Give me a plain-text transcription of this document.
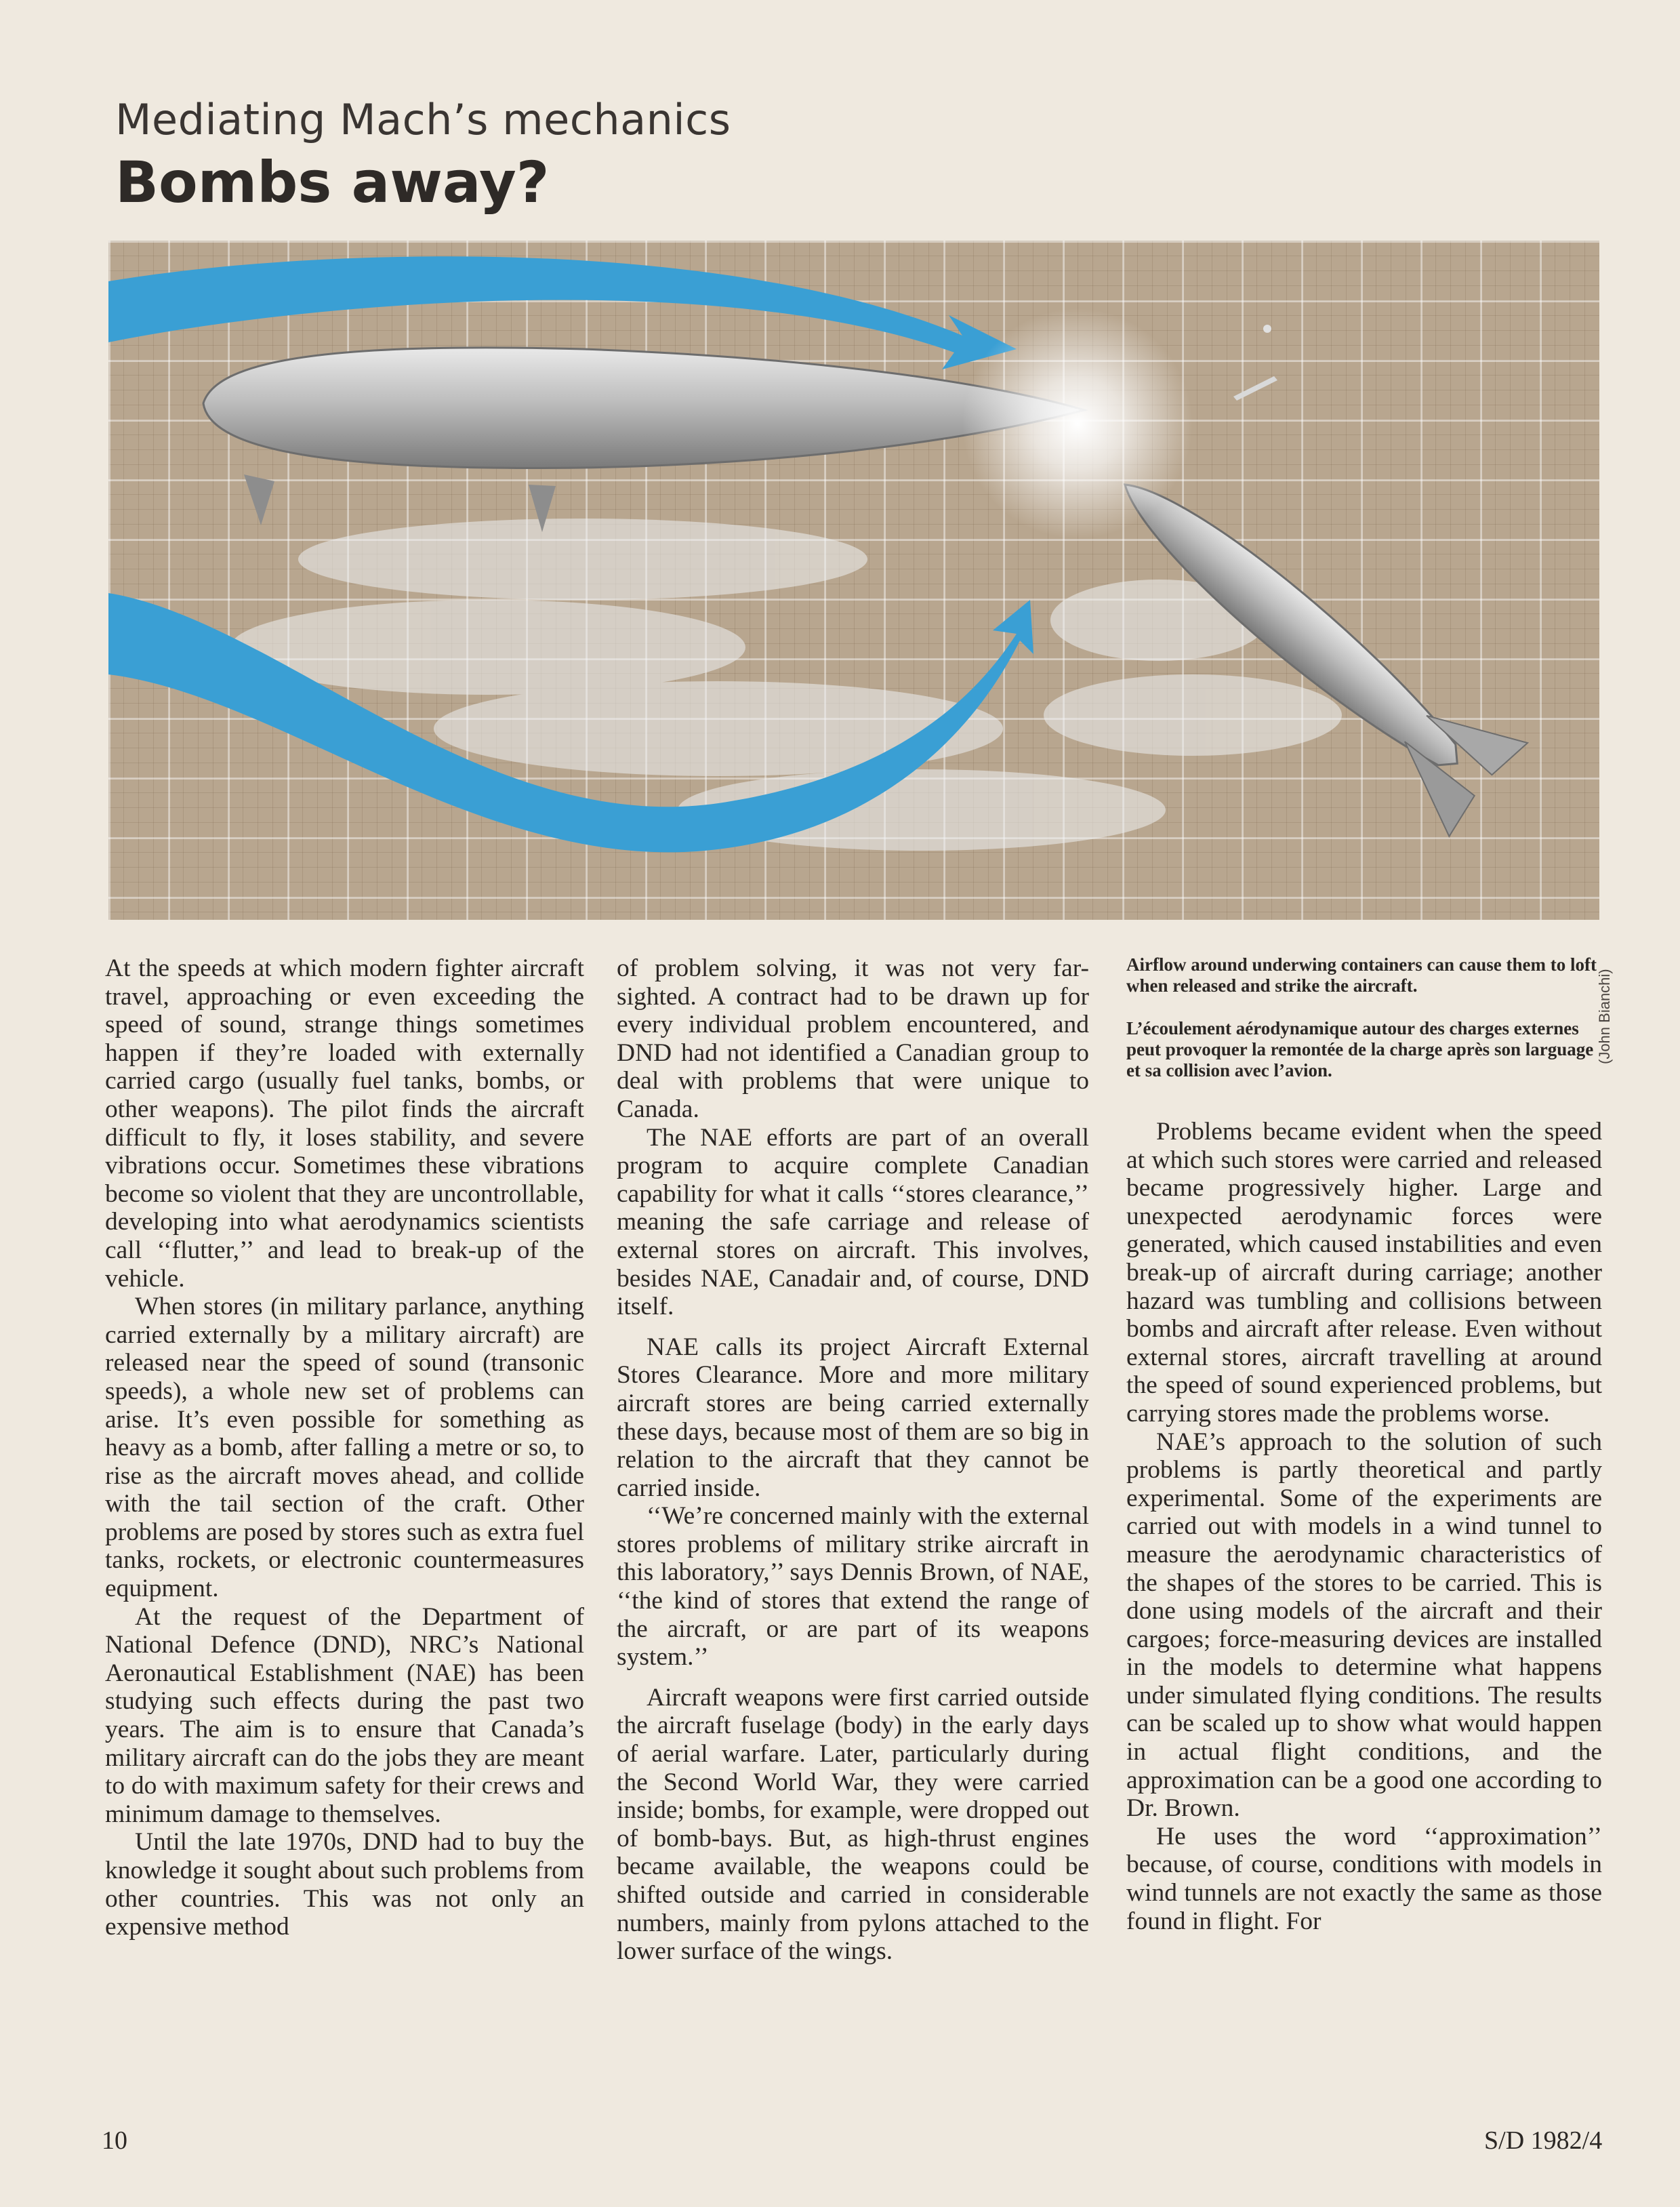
Mediating Mach’s mechanics
Bombs away?
(John Bianchi)

At the speeds at which modern fighter aircraft travel, approaching or even exceeding the speed of sound, strange things sometimes happen if they’re loaded with externally carried cargo (usually fuel tanks, bombs, or other weapons). The pilot finds the aircraft difficult to fly, it loses stability, and severe vibrations occur. Sometimes these vibrations become so violent that they are uncontrollable, developing into what aerodynamics scientists call ‘‘flutter,’’ and lead to break-up of the vehicle.

When stores (in military parlance, anything carried externally by a military aircraft) are released near the speed of sound (transonic speeds), a whole new set of problems can arise. It’s even possible for something as heavy as a bomb, after falling a metre or so, to rise as the aircraft moves ahead, and collide with the tail section of the craft. Other problems are posed by stores such as extra fuel tanks, rockets, or electronic countermeasures equipment.

At the request of the Department of National Defence (DND), NRC’s National Aeronautical Establishment (NAE) has been studying such effects during the past two years. The aim is to ensure that Canada’s military aircraft can do the jobs they are meant to do with maximum safety for their crews and minimum damage to themselves.

Until the late 1970s, DND had to buy the knowledge it sought about such problems from other countries. This was not only an expensive method

of problem solving, it was not very far-sighted. A contract had to be drawn up for every individual problem encountered, and DND had not identified a Canadian group to deal with problems that were unique to Canada.

The NAE efforts are part of an overall program to acquire complete Canadian capability for what it calls ‘‘stores clearance,’’ meaning the safe carriage and release of external stores on aircraft. This involves, besides NAE, Canadair and, of course, DND itself.

NAE calls its project Aircraft External Stores Clearance. More and more military aircraft stores are being carried externally these days, because most of them are so big in relation to the aircraft that they cannot be carried inside.

‘‘We’re concerned mainly with the external stores problems of military strike aircraft in this laboratory,’’ says Dennis Brown, of NAE, ‘‘the kind of stores that extend the range of the aircraft, or are part of its weapons system.’’

Aircraft weapons were first carried outside the aircraft fuselage (body) in the early days of aerial warfare. Later, particularly during the Second World War, they were carried inside; bombs, for example, were dropped out of bomb-bays. But, as high-thrust engines became available, the weapons could be shifted outside and carried in considerable numbers, mainly from pylons attached to the lower surface of the wings.

Airflow around underwing containers can cause them to loft when released and strike the aircraft.

L’écoulement aérodynamique autour des charges externes peut provoquer la remontée de la charge après son larguage et sa collision avec l’avion.

Problems became evident when the speed at which such stores were carried and released became progressively higher. Large and unexpected aerodynamic forces were generated, which caused instabilities and even break-up of aircraft during carriage; another hazard was tumbling and collisions between bombs and aircraft after release. Even without external stores, aircraft travelling at around the speed of sound experienced problems, but carrying stores made the problems worse.

NAE’s approach to the solution of such problems is partly theoretical and partly experimental. Some of the experiments are carried out with models in a wind tunnel to measure the aerodynamic characteristics of the shapes of the stores to be carried. This is done using models of the aircraft and their cargoes; force-measuring devices are installed in the models to determine what happens under simulated flying conditions. The results can be scaled up to show what would happen in actual flight conditions, and the approximation can be a good one according to Dr. Brown.

He uses the word ‘‘approximation’’ because, of course, conditions with models in wind tunnels are not exactly the same as those found in flight. For

10	S/D 1982/4
